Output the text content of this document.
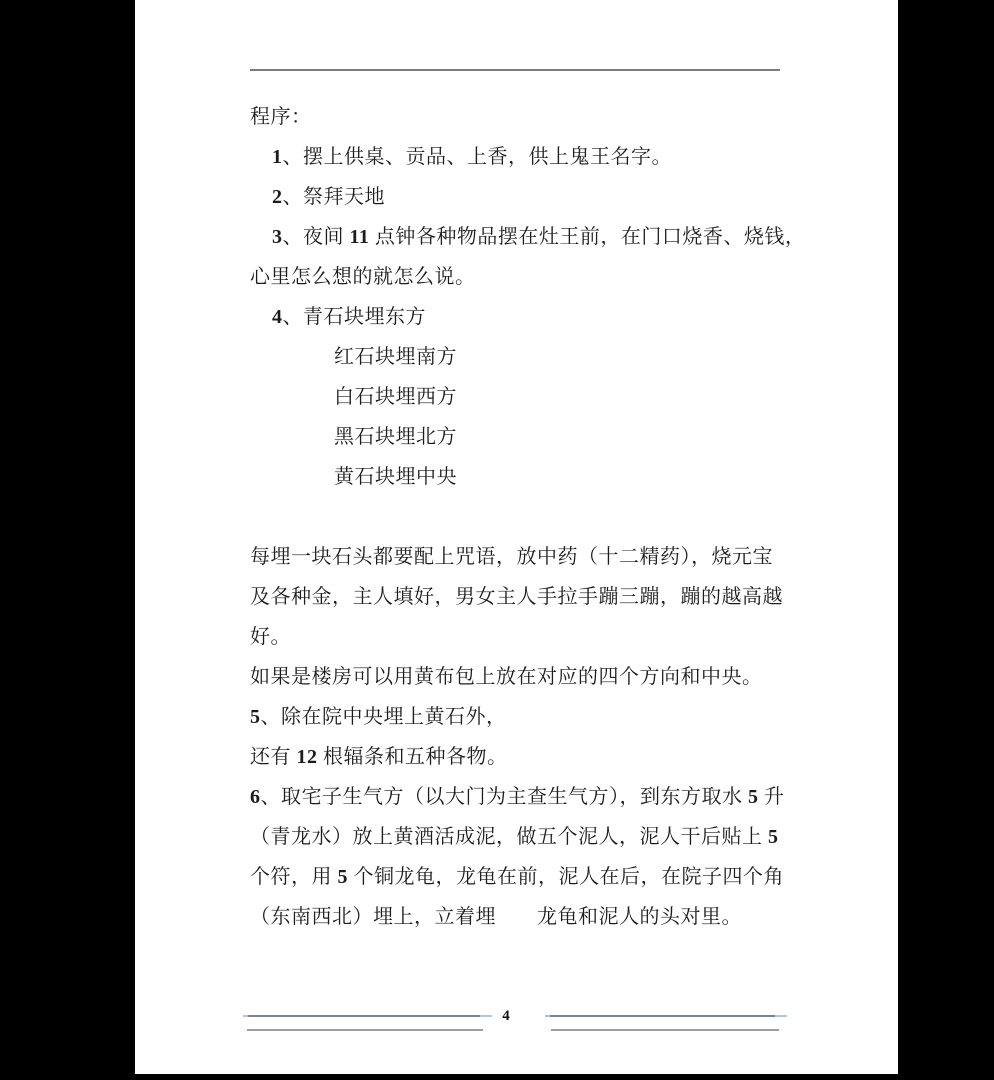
程序：
1、摆上供桌、贡品、上香，供上鬼王名字。
2、祭拜天地
3、夜间 11 点钟各种物品摆在灶王前，在门口烧香、烧钱，
心里怎么想的就怎么说。
4、青石块埋东方
红石块埋南方
白石块埋西方
黑石块埋北方
黄石块埋中央
每埋一块石头都要配上咒语，放中药（十二精药），烧元宝
及各种金，主人填好，男女主人手拉手蹦三蹦，蹦的越高越
好。
如果是楼房可以用黄布包上放在对应的四个方向和中央。
5、除在院中央埋上黄石外，
还有 12 根辐条和五种各物。
6、取宅子生气方（以大门为主查生气方），到东方取水 5 升
（青龙水）放上黄酒活成泥，做五个泥人，泥人干后贴上 5
个符，用 5 个铜龙龟，龙龟在前，泥人在后，在院子四个角
（东南西北）埋上，立着埋　　龙龟和泥人的头对里。
4
